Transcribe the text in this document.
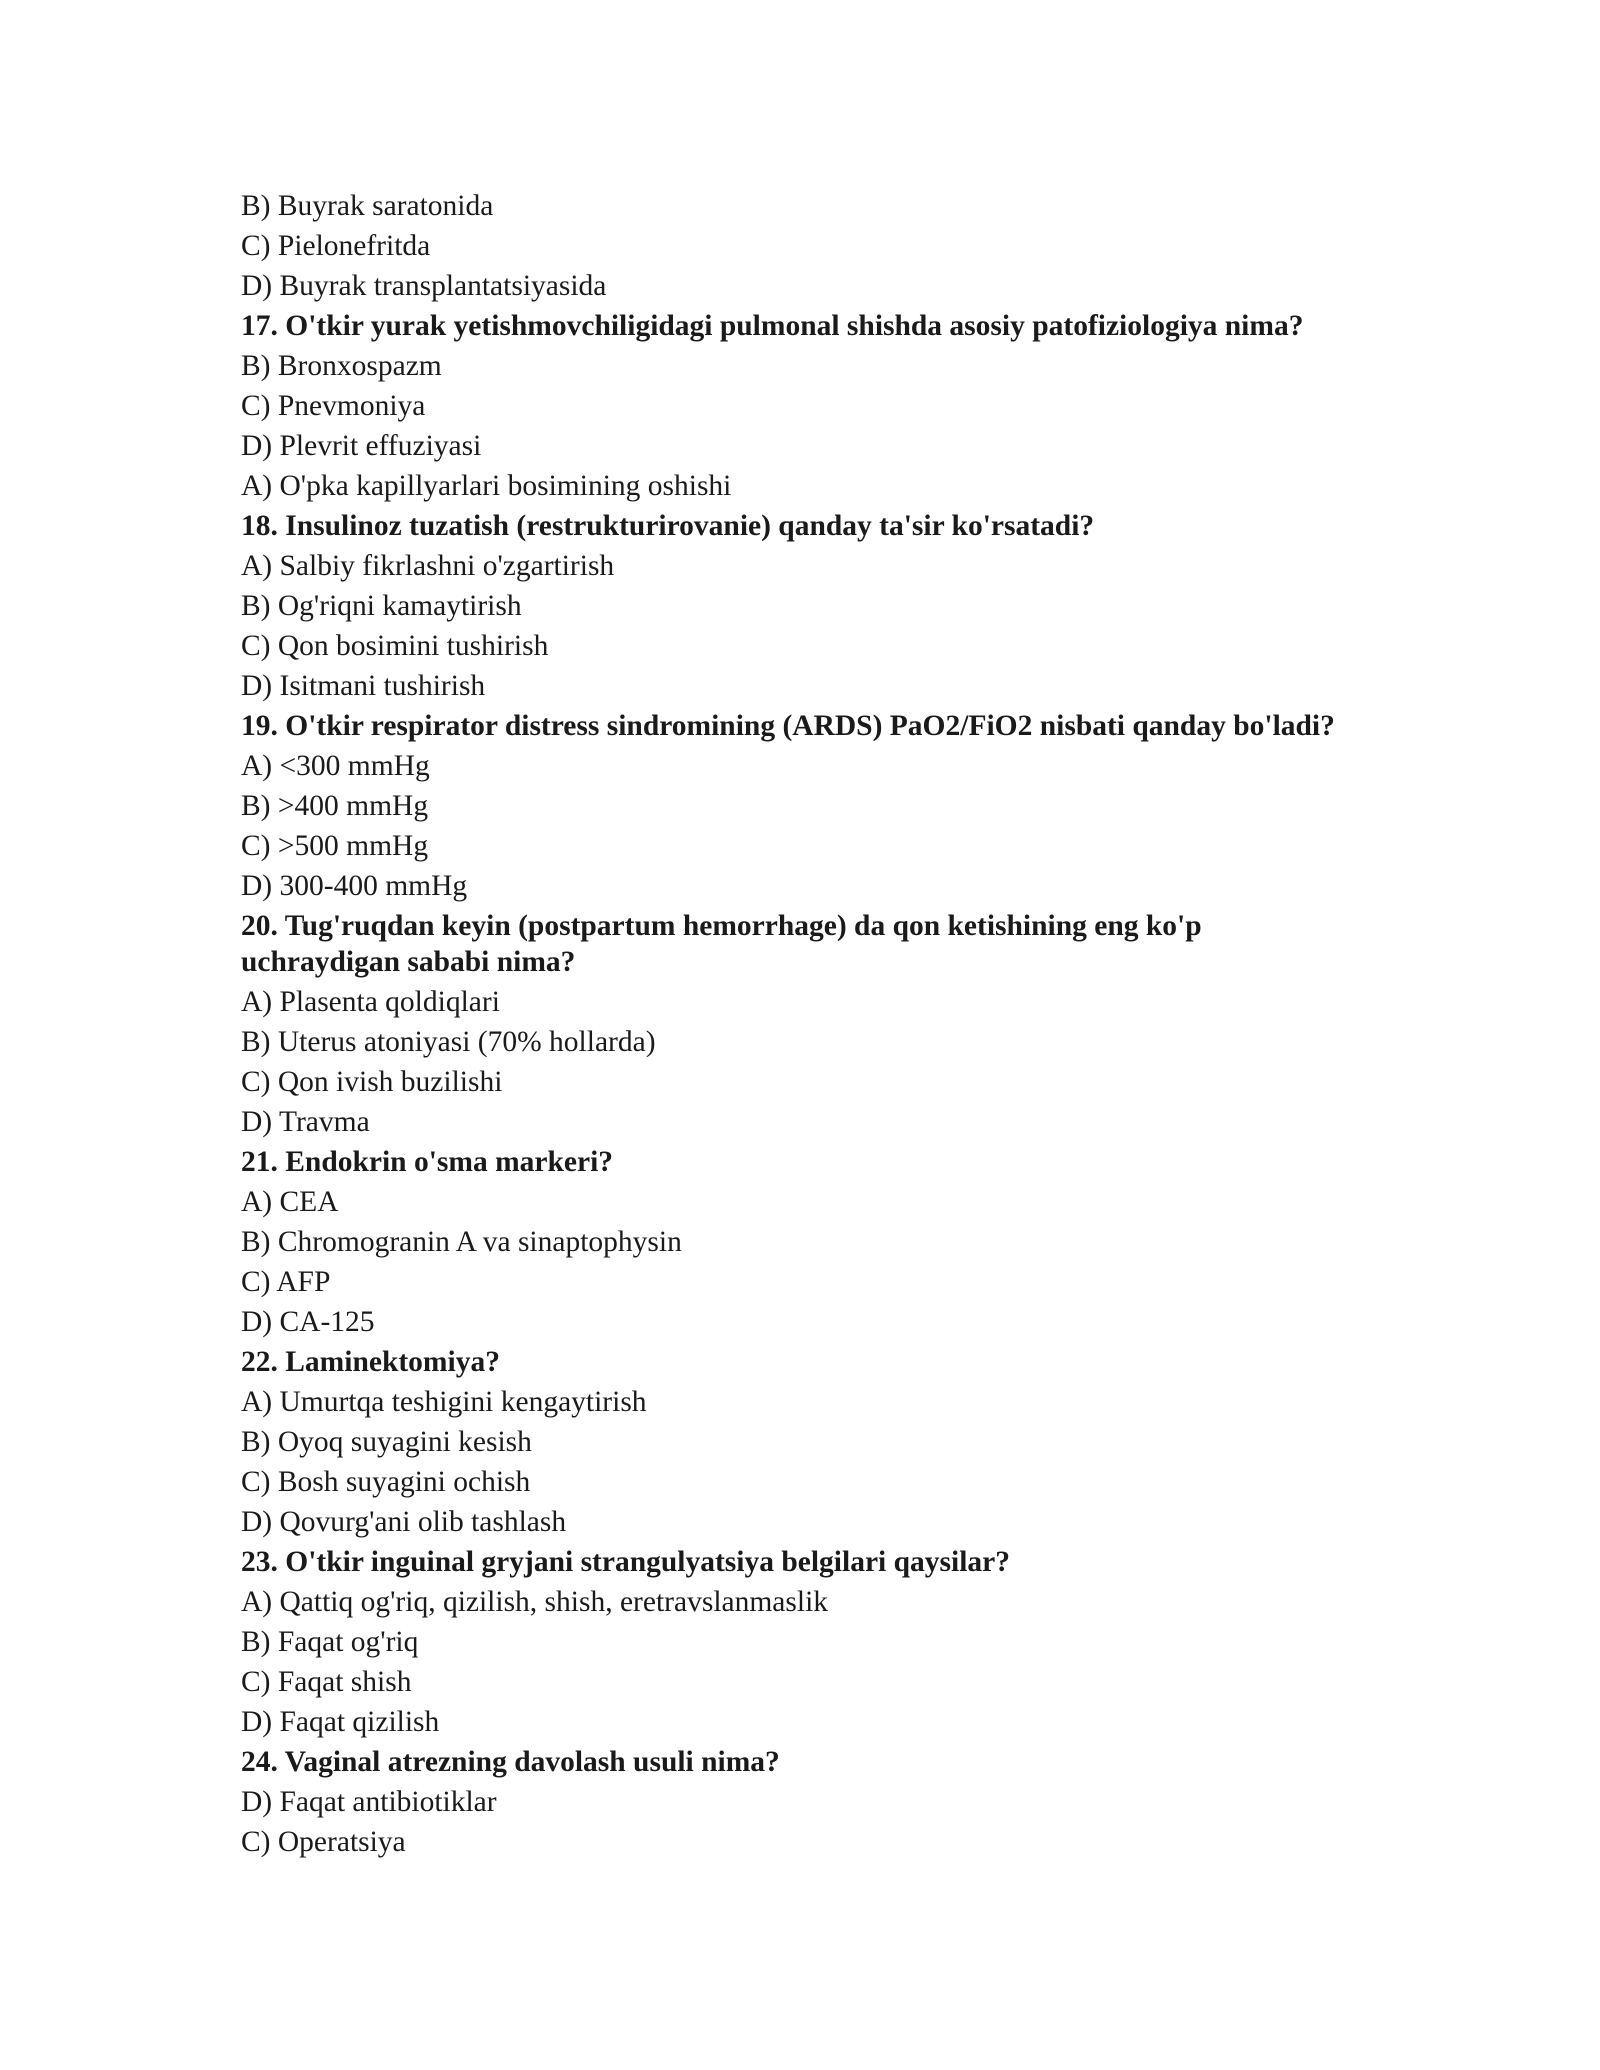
B) Buyrak saratonida
C) Pielonefritda
D) Buyrak transplantatsiyasida
17. O'tkir yurak yetishmovchiligidagi pulmonal shishda asosiy patofiziologiya nima?
B) Bronxospazm
C) Pnevmoniya
D) Plevrit effuziyasi
A) O'pka kapillyarlari bosimining oshishi
18. Insulinoz tuzatish (restrukturirovanie) qanday ta'sir ko'rsatadi?
A) Salbiy fikrlashni o'zgartirish
B) Og'riqni kamaytirish
C) Qon bosimini tushirish
D) Isitmani tushirish
19. O'tkir respirator distress sindromining (ARDS) PaO2/FiO2 nisbati qanday bo'ladi?
A) <300 mmHg
B) >400 mmHg
C) >500 mmHg
D) 300-400 mmHg
20. Tug'ruqdan keyin (postpartum hemorrhage) da qon ketishining eng ko'p uchraydigan sababi nima?
A) Plasenta qoldiqlari
B) Uterus atoniyasi (70% hollarda)
C) Qon ivish buzilishi
D) Travma
21. Endokrin o'sma markeri?
A) CEA
B) Chromogranin A va sinaptophysin
C) AFP
D) CA-125
22. Laminektomiya?
A) Umurtqa teshigini kengaytirish
B) Oyoq suyagini kesish
C) Bosh suyagini ochish
D) Qovurg'ani olib tashlash
23. O'tkir inguinal gryjani strangulyatsiya belgilari qaysilar?
A) Qattiq og'riq, qizilish, shish, eretravslanmaslik
B) Faqat og'riq
C) Faqat shish
D) Faqat qizilish
24. Vaginal atrezning davolash usuli nima?
D) Faqat antibiotiklar
C) Operatsiya
